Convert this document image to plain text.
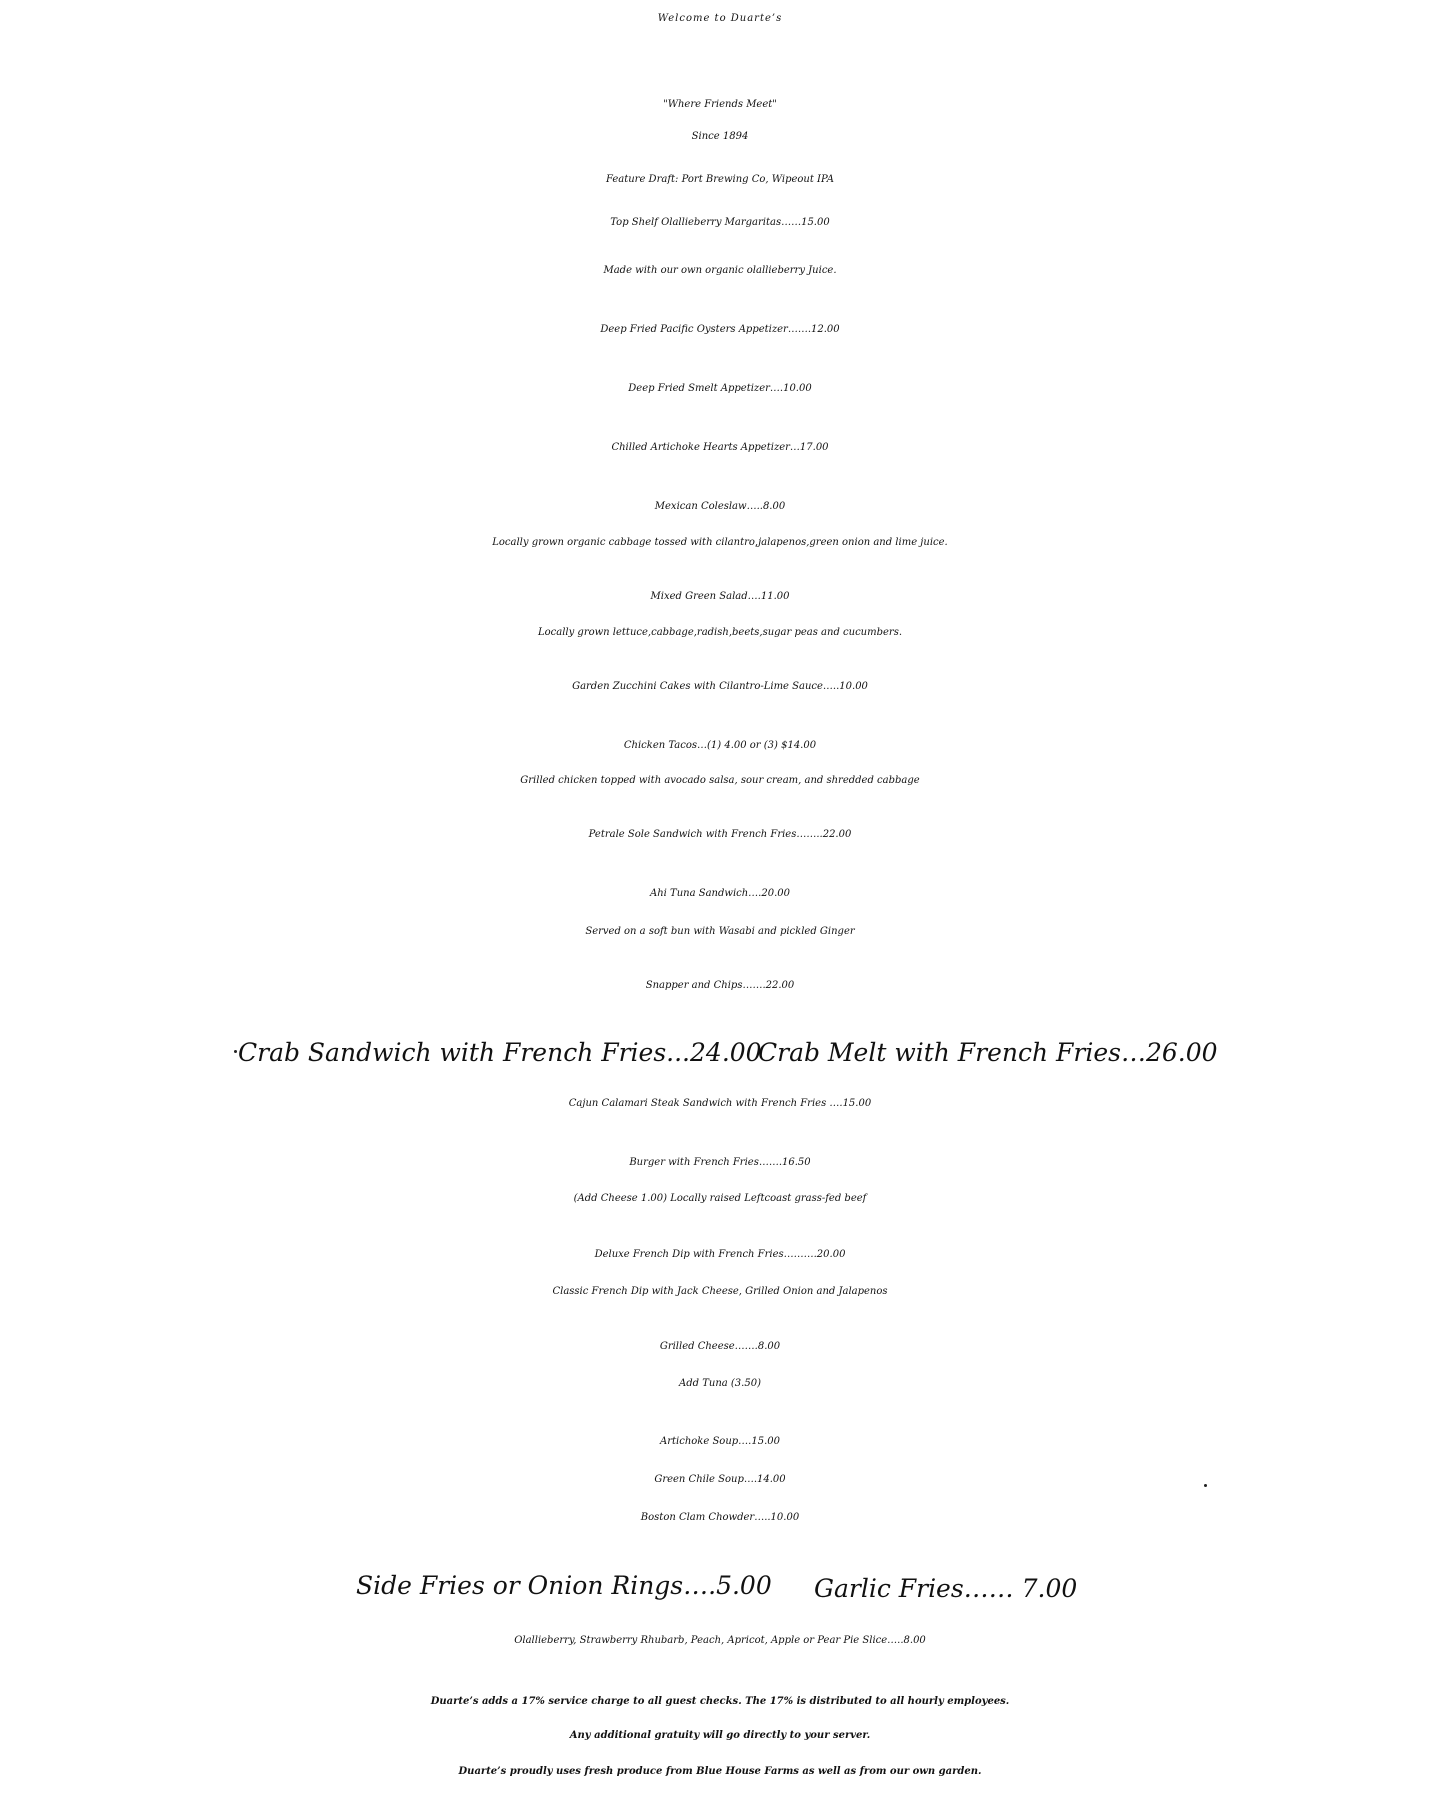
Welcome to Duarte’s
"Where Friends Meet"
Since 1894
Feature Draft: Port Brewing Co, Wipeout IPA
Top Shelf Olallieberry Margaritas……15.00
Made with our own organic olallieberry Juice.
Deep Fried Pacific Oysters Appetizer…….12.00
Deep Fried Smelt Appetizer….10.00
Chilled Artichoke Hearts Appetizer…17.00
Mexican Coleslaw…..8.00
Locally grown organic cabbage tossed with cilantro,jalapenos,green onion and lime juice.
Mixed Green Salad….11.00
Locally grown lettuce,cabbage,radish,beets,sugar peas and cucumbers.
Garden Zucchini Cakes with Cilantro-Lime Sauce…..10.00
Chicken Tacos…(1) 4.00 or (3) $14.00
Grilled chicken topped with avocado salsa, sour cream, and shredded cabbage
Petrale Sole Sandwich with French Fries……..22.00
Ahi Tuna Sandwich….20.00
Served on a soft bun with Wasabi and pickled Ginger
Snapper and Chips…….22.00
Crab Sandwich with French Fries...24.00
Crab Melt with French Fries…26.00
Cajun Calamari Steak Sandwich with French Fries ….15.00
Burger with French Fries…….16.50
(Add Cheese 1.00) Locally raised Leftcoast grass-fed beef
Deluxe French Dip with French Fries……….20.00
Classic French Dip with Jack Cheese, Grilled Onion and Jalapenos
Grilled Cheese…….8.00
Add Tuna (3.50)
Artichoke Soup….15.00
Green Chile Soup….14.00
Boston Clam Chowder…..10.00
Side Fries or Onion Rings….5.00 Garlic Fries…… 7.00
Olallieberry, Strawberry Rhubarb, Peach, Apricot, Apple or Pear Pie Slice…..8.00
Duarte’s adds a 17% service charge to all guest checks. The 17% is distributed to all hourly employees.
Any additional gratuity will go directly to your server.
Duarte’s proudly uses fresh produce from Blue House Farms as well as from our own garden.
